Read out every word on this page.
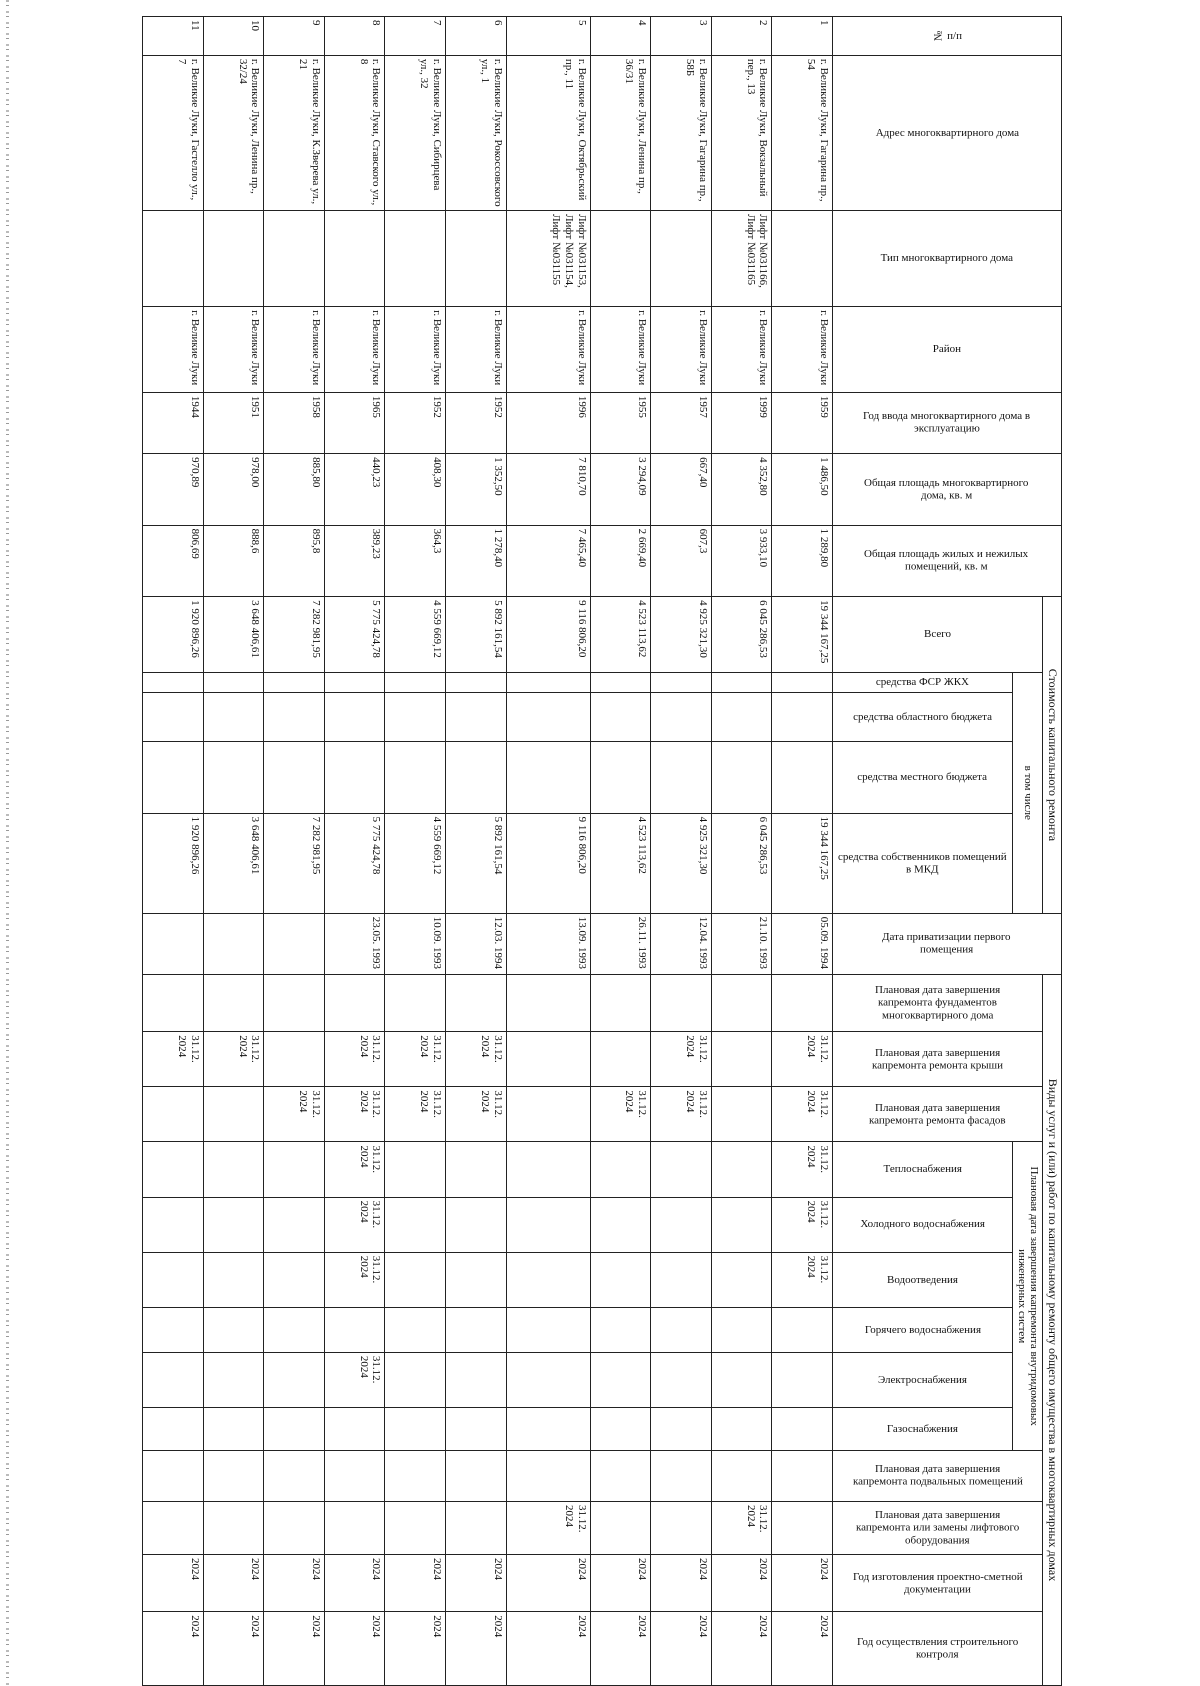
№ п/п	Адрес многоквартирного дома	Тип многоквартирного дома	Район	Год ввода многоквартирного дома в эксплуатацию	Общая площадь многоквартирного дома, кв. м	Общая площадь жилых и нежилых помещений, кв. м	Стоимость капитального ремонта					Дата приватизации первого помещения	Виды услуг и (или) работ по капитальному ремонту общего имущества в многоквартирных домах												

							Всего	в том числе					Плановая дата завершения капремонта фундаментов многоквартирного дома	Плановая дата завершения капремонта ремонта крыши	Плановая дата завершения капремонта ремонта фасадов	Плановая дата завершения капремонта внутридомовых инженерных систем						Плановая дата завершения капремонта подвальных помещений	Плановая дата завершения капремонта или замены лифтового оборудования	Год изготовления проектно-сметной документации	Год осуществления строительного контроля

								средства ФСР ЖКХ	средства областного бюджета	средства местного бюджета	средства собственников помещений в МКД					Теплоснабжения	Холодного водоснабжения	Водоотведения	Горячего водоснабжения	Электроснабжения	Газоснабжения				

1	г. Великие Луки, Гагарина пр., 54		г. Великие Луки	1959	1 486,50	1 289,80	19 344 167,25				19 344 167,25	05.09. 1994		31.12. 2024	31.12. 2024	31.12. 2024	31.12. 2024	31.12. 2024						2024	2024
2	г. Великие Луки, Вокзальный пер., 13	Лифт №031166, Лифт №031165	г. Великие Луки	1999	4 352,80	3 933,10	6 045 286,53				6 045 286,53	21.10. 1993											31.12. 2024	2024	2024
3	г. Великие Луки, Гагарина пр., 58Б		г. Великие Луки	1957	667,40	607,3	4 925 321,30				4 925 321,30	12.04. 1993		31.12. 2024	31.12. 2024									2024	2024
4	г. Великие Луки, Ленина пр., 36/31		г. Великие Луки	1955	3 294,09	2 669,40	4 523 113,62				4 523 113,62	26.11. 1993			31.12. 2024									2024	2024
5	г. Великие Луки, Октябрьский пр., 11	Лифт №031153, Лифт №031154, Лифт №031155	г. Великие Луки	1996	7 810,70	7 465,40	9 116 806,20				9 116 806,20	13.09. 1993											31.12. 2024	2024	2024
6	г. Великие Луки, Рокоссовского ул., 1		г. Великие Луки	1952	1 352,50	1 278,40	5 892 161,54				5 892 161,54	12.03. 1994		31.12. 2024	31.12. 2024									2024	2024
7	г. Великие Луки, Сибирцева ул., 32		г. Великие Луки	1952	408,30	364,3	4 559 669,12				4 559 669,12	10.09. 1993		31.12. 2024	31.12. 2024									2024	2024
8	г. Великие Луки, Ставского ул., 8		г. Великие Луки	1965	440,23	389,23	5 775 424,78				5 775 424,78	23.05. 1993		31.12. 2024	31.12. 2024	31.12. 2024	31.12. 2024	31.12. 2024		31.12. 2024				2024	2024
9	г. Великие Луки, К.Зверева ул., 21		г. Великие Луки	1958	885,80	895,8	7 282 981,95				7 282 981,95				31.12. 2024									2024	2024
10	г. Великие Луки, Ленина пр., 32/24		г. Великие Луки	1951	978,00	888,6	3 648 406,61				3 648 406,61			31.12. 2024										2024	2024
11	г. Великие Луки, Гастелло ул., 7		г. Великие Луки	1944	970,89	806,69	1 920 896,26				1 920 896,26			31.12. 2024										2024	2024
